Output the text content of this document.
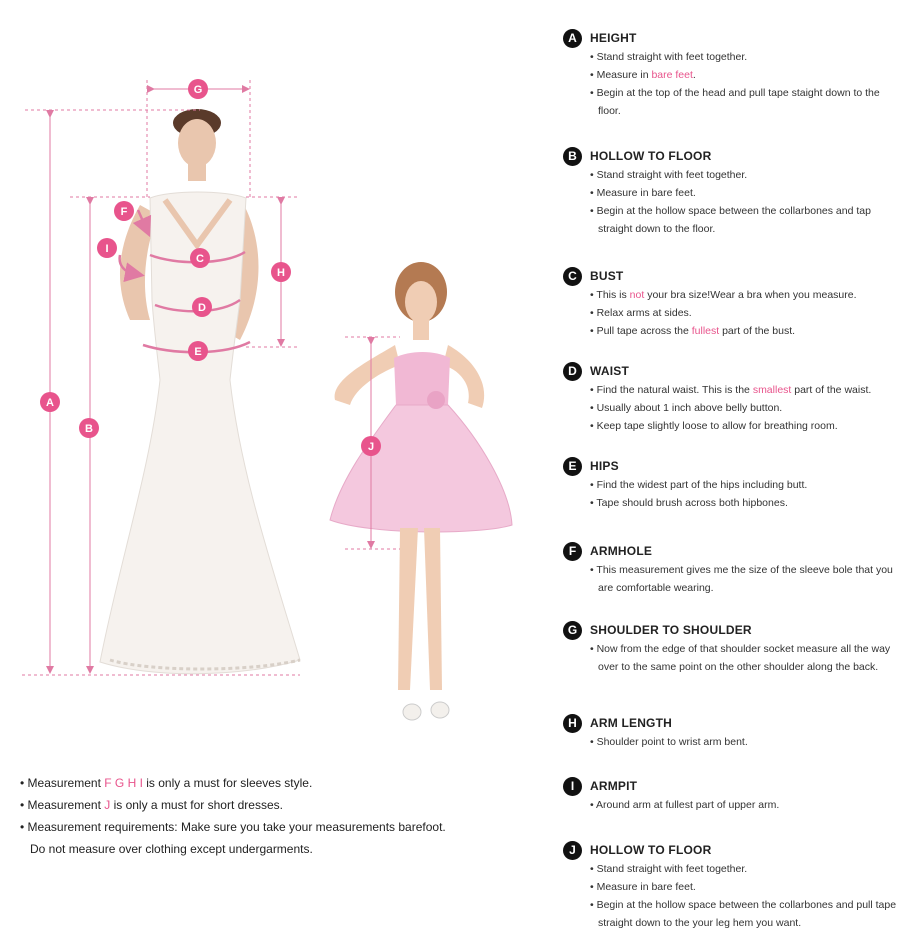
A
B
C
D
E
F
G
H
I
J
• Measurement F G H I is only a must for sleeves style.
• Measurement J is only a must for short dresses.
• Measurement requirements: Make sure you take your measurements barefoot.
Do not measure over clothing except undergarments.
A	HEIGHT
• Stand straight with feet together.
• Measure in bare feet.
• Begin at the top of the head and pull tape staight down to the floor.
B	HOLLOW TO FLOOR
• Stand straight with feet together.
• Measure in bare feet.
• Begin at the hollow space between the collarbones and tap straight down to the floor.
C	BUST
• This is not your bra size!Wear a bra when you measure.
• Relax arms at sides.
• Pull tape across the fullest part of the bust.
D	WAIST
• Find the natural waist. This is the smallest part of the waist.
• Usually about 1 inch above belly button.
• Keep tape slightly loose to allow for breathing room.
E	HIPS
• Find the widest part of the hips including butt.
• Tape should brush across both hipbones.
F	ARMHOLE
• This measurement gives me the size of the sleeve bole that you are comfortable wearing.
G	SHOULDER TO SHOULDER
• Now from the edge of that shoulder socket measure all the way over to the same point on the other shoulder along the back.
H	ARM LENGTH
• Shoulder point to wrist arm bent.
I	ARMPIT
• Around arm at fullest part of upper arm.
J	HOLLOW TO FLOOR
• Stand straight with feet together.
• Measure in bare feet.
• Begin at the hollow space between the collarbones and pull tape straight down to the your leg hem you want.
